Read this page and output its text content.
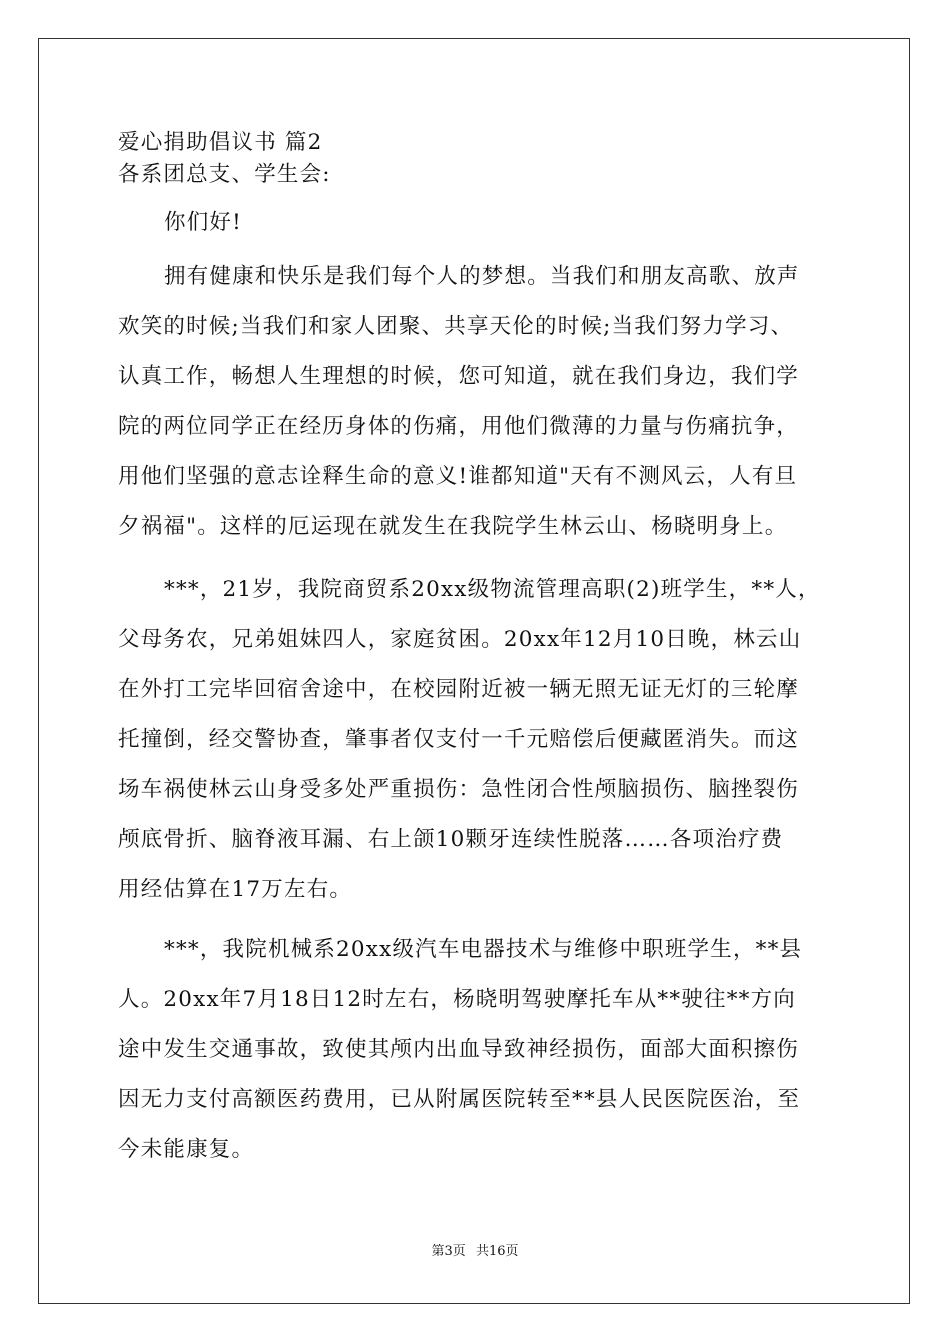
爱心捐助倡议书 篇2
各系团总支、学生会:
你们好!
拥有健康和快乐是我们每个人的梦想。当我们和朋友高歌、放声
欢笑的时候;当我们和家人团聚、共享天伦的时候;当我们努力学习、
认真工作，畅想人生理想的时候，您可知道，就在我们身边，我们学
院的两位同学正在经历身体的伤痛，用他们微薄的力量与伤痛抗争，
用他们坚强的意志诠释生命的意义!谁都知道"天有不测风云，人有旦
夕祸福"。这样的厄运现在就发生在我院学生林云山、杨晓明身上。
***，21岁，我院商贸系20xx级物流管理高职(2)班学生，**人，
父母务农，兄弟姐妹四人，家庭贫困。20xx年12月10日晚，林云山
在外打工完毕回宿舍途中，在校园附近被一辆无照无证无灯的三轮摩
托撞倒，经交警协查，肇事者仅支付一千元赔偿后便藏匿消失。而这
场车祸使林云山身受多处严重损伤：急性闭合性颅脑损伤、脑挫裂伤
颅底骨折、脑脊液耳漏、右上颌10颗牙连续性脱落……各项治疗费
用经估算在17万左右。
***，我院机械系20xx级汽车电器技术与维修中职班学生，**县
人。20xx年7月18日12时左右，杨晓明驾驶摩托车从**驶往**方向
途中发生交通事故，致使其颅内出血导致神经损伤，面部大面积擦伤
因无力支付高额医药费用，已从附属医院转至**县人民医院医治，至
今未能康复。
第3页 共16页
